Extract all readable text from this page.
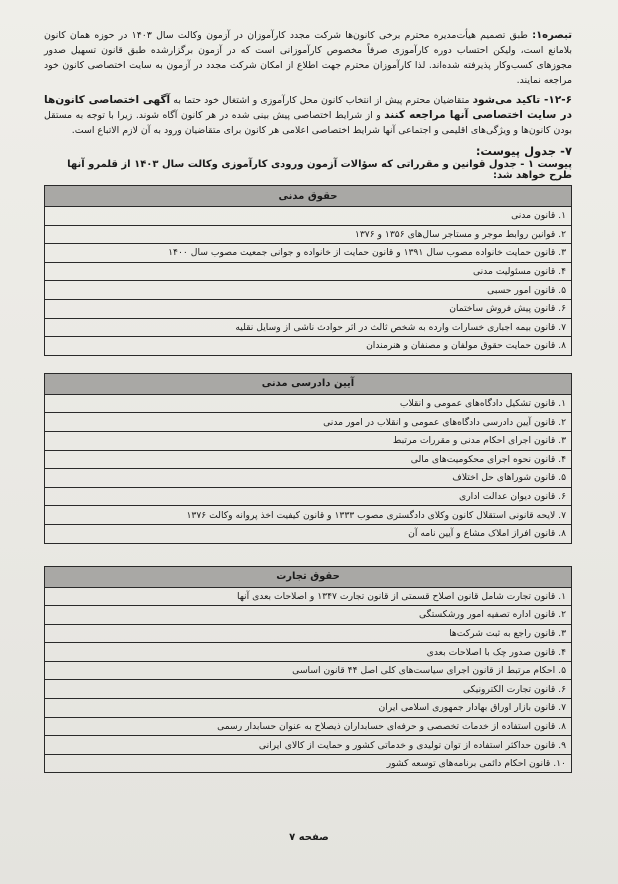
تبصره۱: طبق تصمیم هیأت‌مدیره محترم برخی کانون‌ها شرکت مجدد کارآموزان در آزمون وکالت سال ۱۴۰۳ در حوزه همان کانون بلامانع است، ولیکن احتساب دوره کارآموزی صرفاً مخصوص کارآموزانی است که در آزمون برگزارشده طبق قانون تسهیل صدور مجوزهای کسب‌وکار پذیرفته شده‌اند. لذا کارآموزان محترم جهت اطلاع از امکان شرکت مجدد در آزمون به سایت اختصاصی کانون خود مراجعه نمایند.

۱۲-۶- تاکید می‌شود متقاضیان محترم پیش از انتخاب کانون محل کارآموزی و اشتغال خود حتما به آگهی اختصاصی کانون‌ها در سایت اختصاصی آنها مراجعه کنند و از شرایط اختصاصی پیش بینی شده در هر کانون آگاه شوند. زیرا با توجه به مستقل بودن کانون‌ها و ویژگی‌های اقلیمی و اجتماعی آنها شرایط اختصاصی اعلامی هر کانون برای متقاضیان ورود به آن لازم الاتباع است.

۷- جدول پیوست:

پیوست ۱ - جدول قوانین و مقرراتی که سؤالات آزمون ورودی کارآموزی وکالت سال ۱۴۰۳ از قلمرو آنها طرح خواهد شد:

حقوق مدنی
۱. قانون مدنی
۲. قوانین روابط موجر و مستاجر سال‌های ۱۳۵۶ و ۱۳۷۶
۳. قانون حمایت خانواده مصوب سال ۱۳۹۱ و قانون حمایت از خانواده و جوانی جمعیت مصوب سال ۱۴۰۰
۴. قانون مسئولیت مدنی
۵. قانون امور حسبی
۶. قانون پیش فروش ساختمان
۷. قانون بیمه اجباری خسارات وارده به شخص ثالث در اثر حوادث ناشی از وسایل نقلیه
۸. قانون حمایت حقوق مولفان و مصنفان و هنرمندان
آیین دادرسی مدنی
۱. قانون تشکیل دادگاه‌های عمومی و انقلاب
۲. قانون آیین دادرسی دادگاه‌های عمومی و انقلاب در امور مدنی
۳. قانون اجرای احکام مدنی و مقررات مرتبط
۴. قانون نحوه اجرای محکومیت‌های مالی
۵. قانون شوراهای حل اختلاف
۶. قانون دیوان عدالت اداری
۷. لایحه قانونی استقلال کانون وکلای دادگستری مصوب ۱۳۳۳ و قانون کیفیت اخذ پروانه وکالت ۱۳۷۶
۸. قانون افراز املاک مشاع و آیین نامه آن
حقوق تجارت
۱. قانون تجارت شامل قانون اصلاح قسمتی از قانون تجارت ۱۳۴۷ و اصلاحات بعدی آنها
۲. قانون اداره تصفیه امور ورشکستگی
۳. قانون راجع به ثبت شرکت‌ها
۴. قانون صدور چک با اصلاحات بعدی
۵. احکام مرتبط از قانون اجرای سیاست‌های کلی اصل ۴۴ قانون اساسی
۶. قانون تجارت الکترونیکی
۷. قانون بازار اوراق بهادار جمهوری اسلامی ایران
۸. قانون استفاده از خدمات تخصصی و حرفه‌ای حسابداران ذیصلاح به عنوان حسابدار رسمی
۹. قانون حداکثر استفاده از توان تولیدی و خدماتی کشور و حمایت از کالای ایرانی
۱۰. قانون احکام دائمی برنامه‌های توسعه کشور
صفحه ۷
